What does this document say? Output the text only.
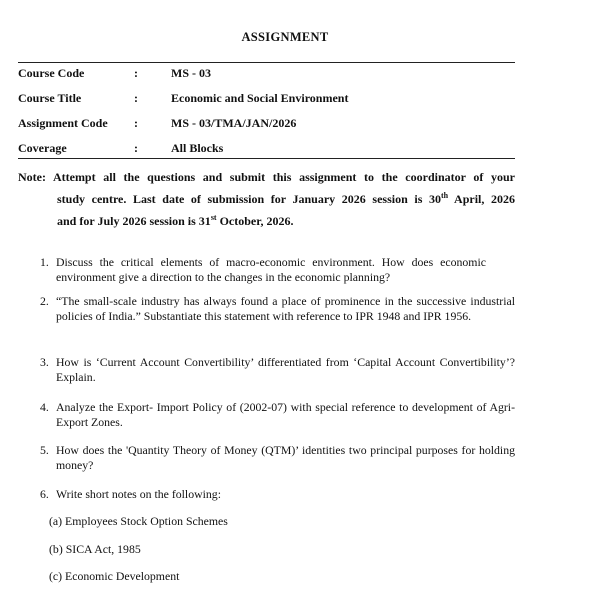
ASSIGNMENT
Course Code	:	MS - 03
Course Title	:	Economic and Social Environment
Assignment Code :	MS - 03/TMA/JAN/2026
Coverage	:	All Blocks
Note: Attempt all the questions and submit this assignment to the coordinator of your
study centre. Last date of submission for January 2026 session is 30th April, 2026
and for July 2026 session is 31st October, 2026.
1. Discuss the critical elements of macro-economic environment. How does economic environment give a direction to the changes in the economic planning?
2. “The small-scale industry has always found a place of prominence in the successive industrial policies of India.” Substantiate this statement with reference to IPR 1948 and IPR 1956.
3. How is ‘Current Account Convertibility’ differentiated from ‘Capital Account Convertibility’? Explain.
4. Analyze the Export- Import Policy of (2002-07) with special reference to development of Agri- Export Zones.
5. How does the 'Quantity Theory of Money (QTM)’ identities two principal purposes for holding money?
6. Write short notes on the following:
(a) Employees Stock Option Schemes
(b) SICA Act, 1985
(c) Economic Development
